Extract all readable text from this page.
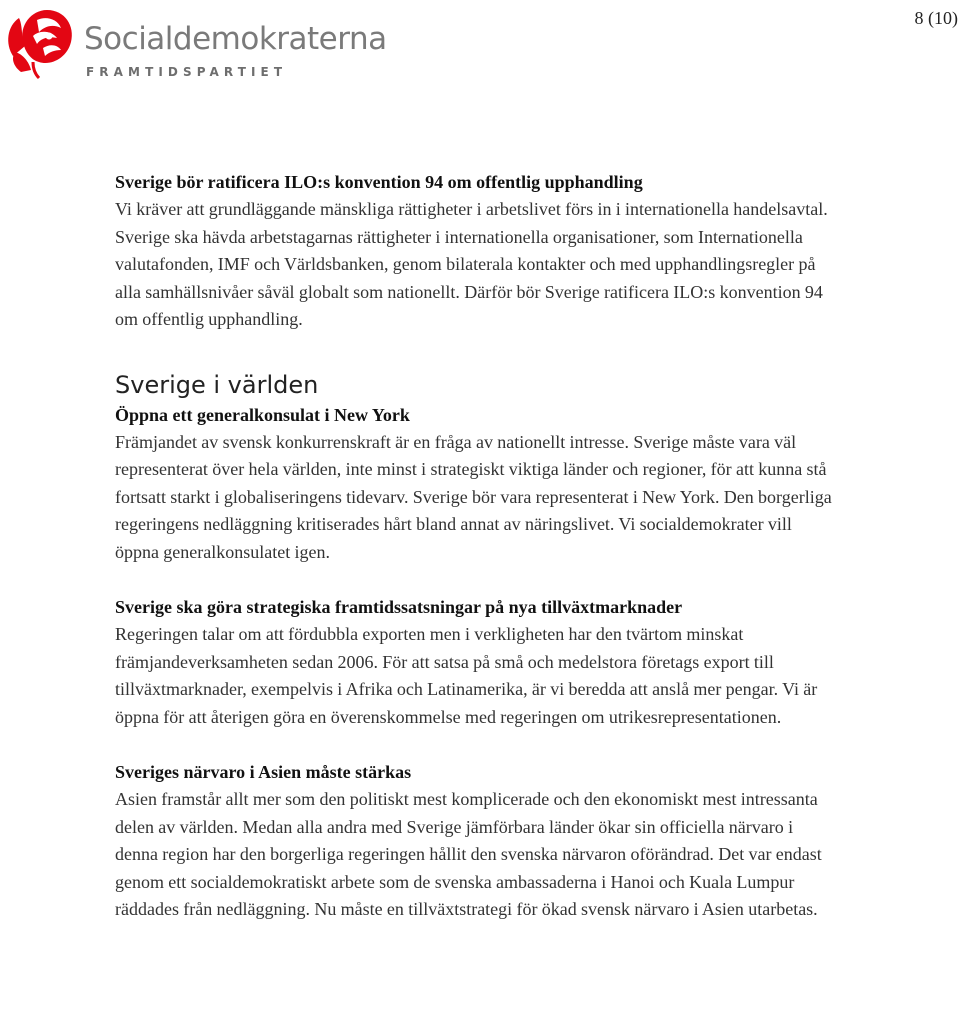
Socialdemokraterna
FRAMTIDSPARTIET
8 (10)

Sverige bör ratificera ILO:s konvention 94 om offentlig upphandling

Vi kräver att grundläggande mänskliga rättigheter i arbetslivet förs in i internationella handelsavtal. Sverige ska hävda arbetstagarnas rättigheter i internationella organisationer, som Internationella valutafonden, IMF och Världsbanken, genom bilaterala kontakter och med upphandlingsregler på alla samhällsnivåer såväl globalt som nationellt. Därför bör Sverige ratificera ILO:s konvention 94 om offentlig upphandling.

Sverige i världen

Öppna ett generalkonsulat i New York

Främjandet av svensk konkurrenskraft är en fråga av nationellt intresse. Sverige måste vara väl representerat över hela världen, inte minst i strategiskt viktiga länder och regioner, för att kunna stå fortsatt starkt i globaliseringens tidevarv. Sverige bör vara representerat i New York. Den borgerliga regeringens nedläggning kritiserades hårt bland annat av näringslivet. Vi socialdemokrater vill öppna generalkonsulatet igen.

Sverige ska göra strategiska framtidssatsningar på nya tillväxtmarknader

Regeringen talar om att fördubbla exporten men i verkligheten har den tvärtom minskat främjandeverksamheten sedan 2006. För att satsa på små och medelstora företags export till tillväxtmarknader, exempelvis i Afrika och Latinamerika, är vi beredda att anslå mer pengar. Vi är öppna för att återigen göra en överenskommelse med regeringen om utrikesrepresentationen.

Sveriges närvaro i Asien måste stärkas

Asien framstår allt mer som den politiskt mest komplicerade och den ekonomiskt mest intressanta delen av världen. Medan alla andra med Sverige jämförbara länder ökar sin officiella närvaro i denna region har den borgerliga regeringen hållit den svenska närvaron oförändrad. Det var endast genom ett socialdemokratiskt arbete som de svenska ambassaderna i Hanoi och Kuala Lumpur räddades från nedläggning. Nu måste en tillväxtstrategi för ökad svensk närvaro i Asien utarbetas.
